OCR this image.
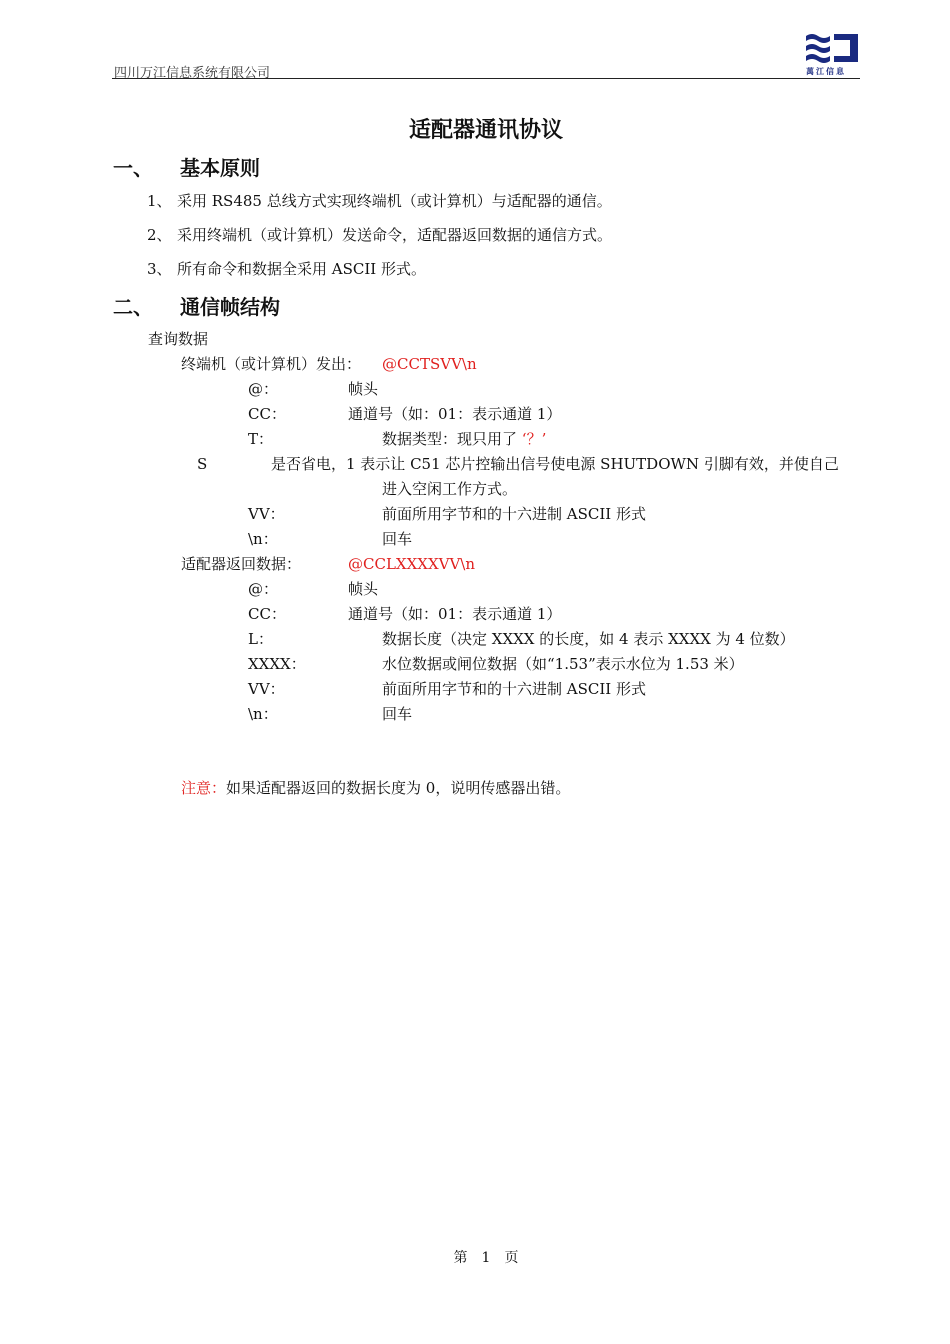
四川万江信息系统有限公司	萬江信息
适配器通讯协议
一、 基本原则
1、 采用 RS485 总线方式实现终端机（或计算机）与适配器的通信。
2、 采用终端机（或计算机）发送命令，适配器返回数据的通信方式。
3、 所有命令和数据全采用 ASCII 形式。
二、 通信帧结构
查询数据
终端机（或计算机）发出： @CCTSVV\n
@：	帧头
CC：	通道号（如：01：表示通道 1）
T：	数据类型：现只用了 ‘？’
S	是否省电，1 表示让 C51 芯片控输出信号使电源 SHUTDOWN 引脚有效，并使自己
进入空闲工作方式。
VV：	前面所用字节和的十六进制 ASCII 形式
\n：	回车
适配器返回数据：	@CCLXXXXVV\n
@：	帧头
CC：	通道号（如：01：表示通道 1）
L：	数据长度（决定 XXXX 的长度，如 4 表示 XXXX 为 4 位数）
XXXX：	水位数据或闸位数据（如“1.53”表示水位为 1.53 米）
VV：	前面所用字节和的十六进制 ASCII 形式
\n：	回车
注意：如果适配器返回的数据长度为 0，说明传感器出错。
第　1　页
